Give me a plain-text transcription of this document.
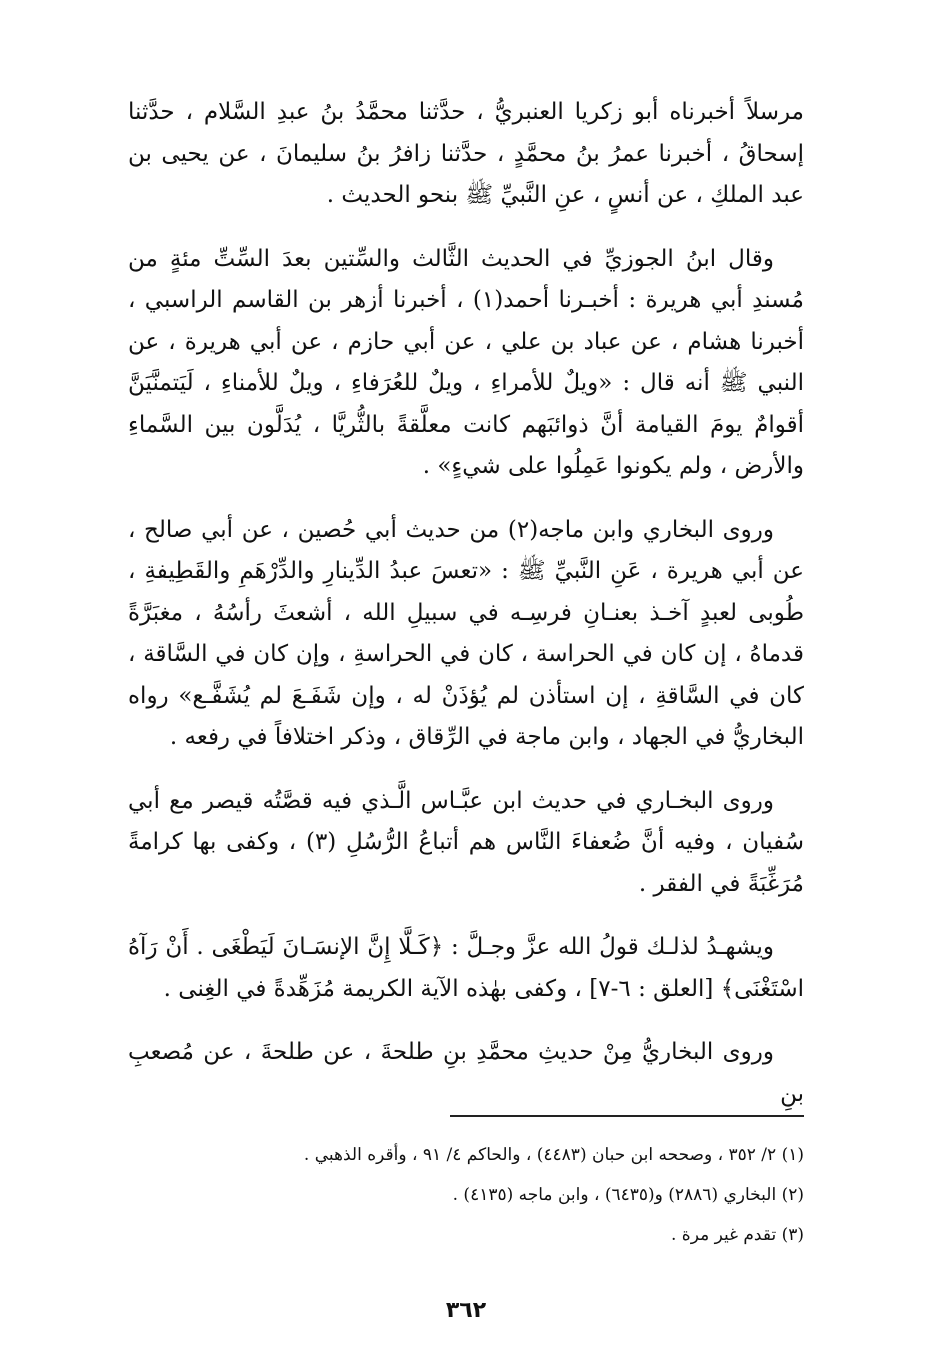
مرسلاً أخبرناه أبو زكريا العنبريُّ ، حدَّثنا محمَّدُ بنُ عبدِ السَّلام ، حدَّثنا إسحاقُ ، أخبرنا عمرُ بنُ محمَّدٍ ، حدَّثنا زافرُ بنُ سليمانَ ، عن يحيى بن عبد الملكِ ، عن أنسٍ ، عنِ النَّبيِّ ﷺ بنحو الحديث .

وقال ابنُ الجوزيِّ في الحديث الثَّالث والسِّتين بعدَ السِّتِّ مئةٍ من مُسندِ أبي هريرة : أخبـرنا أحمد(١) ، أخبرنا أزهر بن القاسم الراسبي ، أخبرنا هشام ، عن عباد بن علي ، عن أبي حازم ، عن أبي هريرة ، عن النبي ﷺ أنه قال : «ويلٌ للأمراءِ ، ويلٌ للعُرَفاءِ ، ويلٌ للأمناءِ ، لَيَتمنَّيَنَّ أقوامٌ يومَ القيامة أنَّ ذوائبَهم كانت معلَّقةً بالثُّريَّا ، يُدَلَّون بين السَّماءِ والأرض ، ولم يكونوا عَمِلُوا على شيءٍ» .

وروى البخاري وابن ماجه(٢) من حديث أبي حُصين ، عن أبي صالح ، عن أبي هريرة ، عَنِ النَّبيِّ ﷺ : «تعسَ عبدُ الدِّينارِ والدِّرْهَمِ والقَطِيفةِ ، طُوبى لعبدٍ آخـذ بعنـانِ فرسِـه في سبيلِ الله ، أشعثَ رأسُهُ ، مغبَرَّةً قدماهُ ، إن كان في الحراسة ، كان في الحراسةِ ، وإن كان في السَّاقة ، كان في السَّاقةِ ، إن استأذن لم يُؤذَنْ له ، وإن شَفَـعَ لم يُشَفَّـع» رواه البخاريُّ في الجهاد ، وابن ماجة في الرِّقاق ، وذكر اختلافاً في رفعه .

وروى البخـاري في حديث ابن عبَّـاس الَّـذي فيه قصَّتُه قيصر مع أبي سُفيان ، وفيه أنَّ ضُعفاءَ النَّاس هم أتباعُ الرُّسُلِ (٣) ، وكفى بها كرامةً مُرَغِّبَةً في الفقر .

ويشهـدُ لذلـك قولُ الله عزَّ وجـلَّ : ﴿كَـلَّا إِنَّ الإنسَـانَ لَيَطْغَى . أَنْ رَآهُ اسْتَغْنَى﴾ [العلق : ٦-٧] ، وكفى بهٰذه الآية الكريمة مُزَهِّدةً في الغِنى .

وروى البخاريُّ مِنْ حديثِ محمَّدِ بنِ طلحةَ ، عن طلحةَ ، عن مُصعبِ بنِ

(١) ٢/ ٣٥٢ ، وصححه ابن حبان (٤٤٨٣) ، والحاكم ٤/ ٩١ ، وأقره الذهبي .

(٢) البخاري (٢٨٨٦) و(٦٤٣٥) ، وابن ماجه (٤١٣٥) .

(٣) تقدم غير مرة .

٣٦٢
